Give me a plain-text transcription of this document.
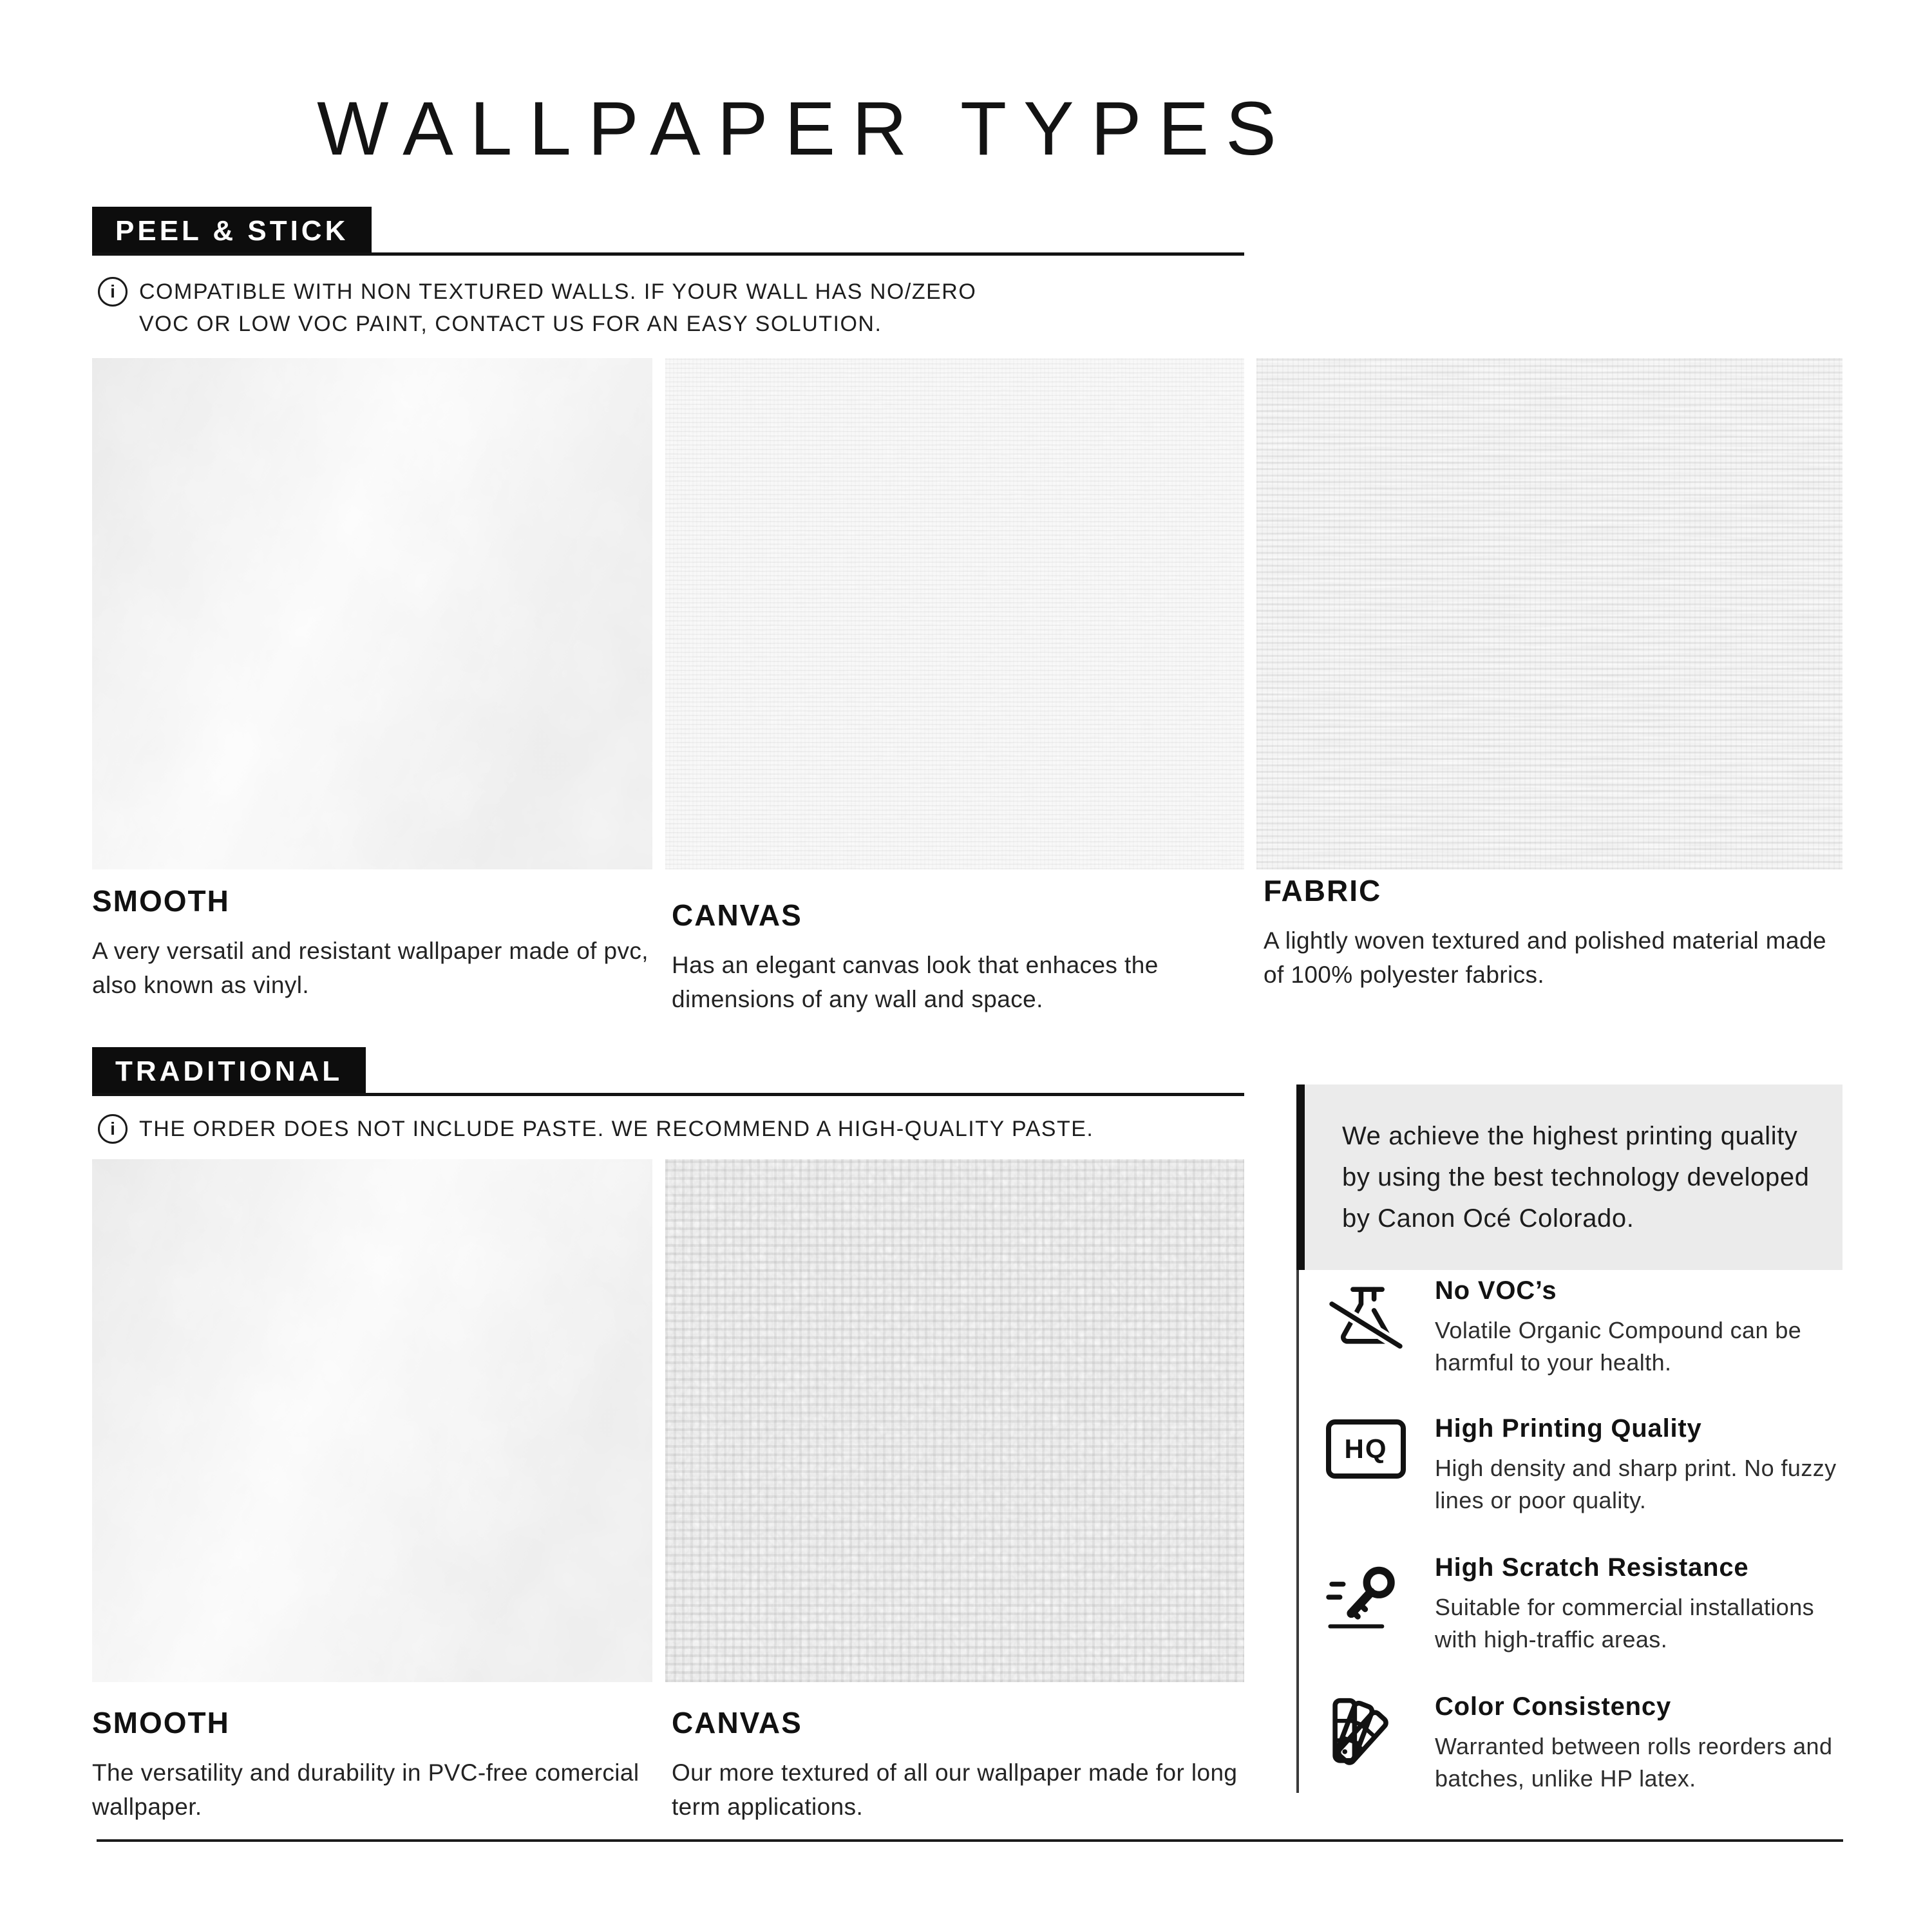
WALLPAPER TYPES
PEEL & STICK
i	COMPATIBLE WITH NON TEXTURED WALLS. IF YOUR WALL HAS NO/ZERO
VOC OR LOW VOC PAINT, CONTACT US FOR AN EASY SOLUTION.
SMOOTH

A very versatil and resistant wallpaper made of pvc, also known as vinyl.

CANVAS

Has an elegant canvas look that enhaces the dimensions of any wall and space.

FABRIC

A lightly woven textured and polished material made of 100% polyester fabrics.

TRADITIONAL
i	THE ORDER DOES NOT INCLUDE PASTE. WE RECOMMEND A HIGH-QUALITY PASTE.
SMOOTH

The versatility and durability in PVC-free comercial wallpaper.

CANVAS

Our more textured of all our wallpaper made for long term applications.

We achieve the highest printing quality by using the best technology developed by Canon Océ Colorado.
No VOC’s

Volatile Organic Compound can be harmful to your health.

HQ
High Printing Quality

High density and sharp print. No fuzzy lines or poor quality.

High Scratch Resistance

Suitable for commercial installations with high-traffic areas.

Color Consistency

Warranted between rolls reorders and batches, unlike HP latex.
